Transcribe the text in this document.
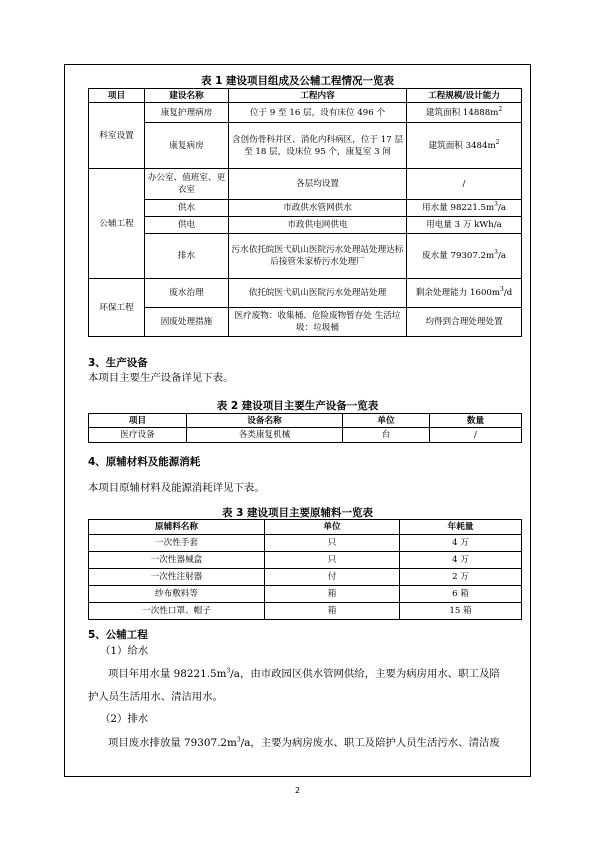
表 1 建设项目组成及公辅工程情况一览表
项目	建设名称	工程内容	工程规模/设计能力
科室设置	康复护理病房	位于 9 至 16 层，设有床位 496 个	建筑面积 $14888m^2$
	康复病房	含创伤骨科并区、消化内科病区，位于 17 层至 18 层，设床位 95 个，康复室 3 间	建筑面积 $3484m^2$
公辅工程	办公室、值班室、更衣室	各层均设置	/
	供水	市政供水管网供水	用水量 $98221.5m^3/a$
	供电	市政供电网供电	用电量 3 万 kWh/a
	排水	污水依托皖医弋矶山医院污水处理站处理达标后接管朱家桥污水处理厂	废水量 $79307.2m^3/a$
环保工程	废水治理	依托皖医弋矶山医院污水处理站处理	剩余处理能力 $1600m^3/d$
	固废处理措施	医疗废物：收集桶、危险废物暂存处 生活垃圾：垃圾桶	均得到合理处理处置
3、生产设备
本项目主要生产设备详见下表。
表 2 建设项目主要生产设备一览表
项目	设备名称	单位	数量
医疗设备	各类康复机械	台	/
4、原辅材料及能源消耗
本项目原辅材料及能源消耗详见下表。
表 3 建设项目主要原辅料一览表
原辅料名称	单位	年耗量
一次性手套	只	4 万
一次性器械盒	只	4 万
一次性注射器	付	2 万
纱布敷料等	箱	6 箱
一次性口罩、帽子	箱	15 箱
5、公辅工程
（1）给水
项目年用水量 $98221.5m^3/a$，由市政园区供水管网供给，主要为病房用水、职工及陪
护人员生活用水、清洁用水。
（2）排水
项目废水排放量 $79307.2m^3/a$，主要为病房废水、职工及陪护人员生活污水、清洁废
2
